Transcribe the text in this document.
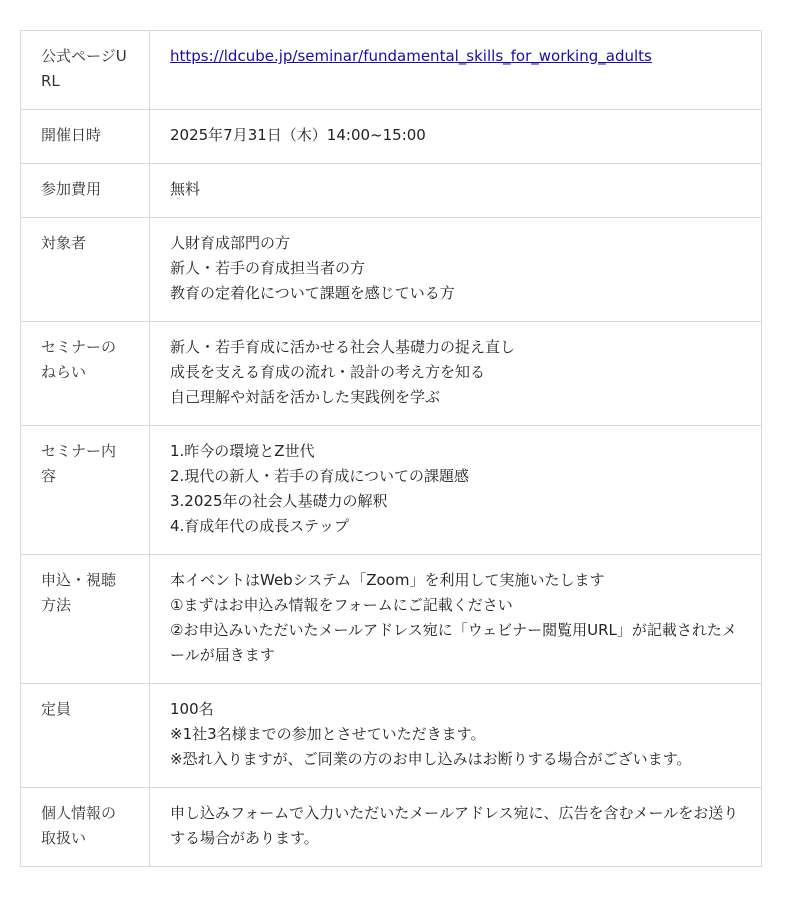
公式ページURL	https://ldcube.jp/seminar/fundamental_skills_for_working_adults
開催日時	2025年7月31日（木）14:00~15:00

参加費用	無料

対象者	人財育成部門の方
新人・若手の育成担当者の方
教育の定着化について課題を感じている方

セミナーのねらい	新人・若手育成に活かせる社会人基礎力の捉え直し
成長を支える育成の流れ・設計の考え方を知る
自己理解や対話を活かした実践例を学ぶ

セミナー内容	1.昨今の環境とZ世代
2.現代の新人・若手の育成についての課題感
3.2025年の社会人基礎力の解釈
4.育成年代の成長ステップ

申込・視聴方法	本イベントはWebシステム「Zoom」を利用して実施いたします
①まずはお申込み情報をフォームにご記載ください
②お申込みいただいたメールアドレス宛に「ウェビナー閲覧用URL」が記載されたメールが届きます

定員	100名
※1社3名様までの参加とさせていただきます。
※恐れ入りますが、ご同業の方のお申し込みはお断りする場合がございます。

個人情報の取扱い	申し込みフォームで入力いただいたメールアドレス宛に、広告を含むメールをお送りする場合があります。
